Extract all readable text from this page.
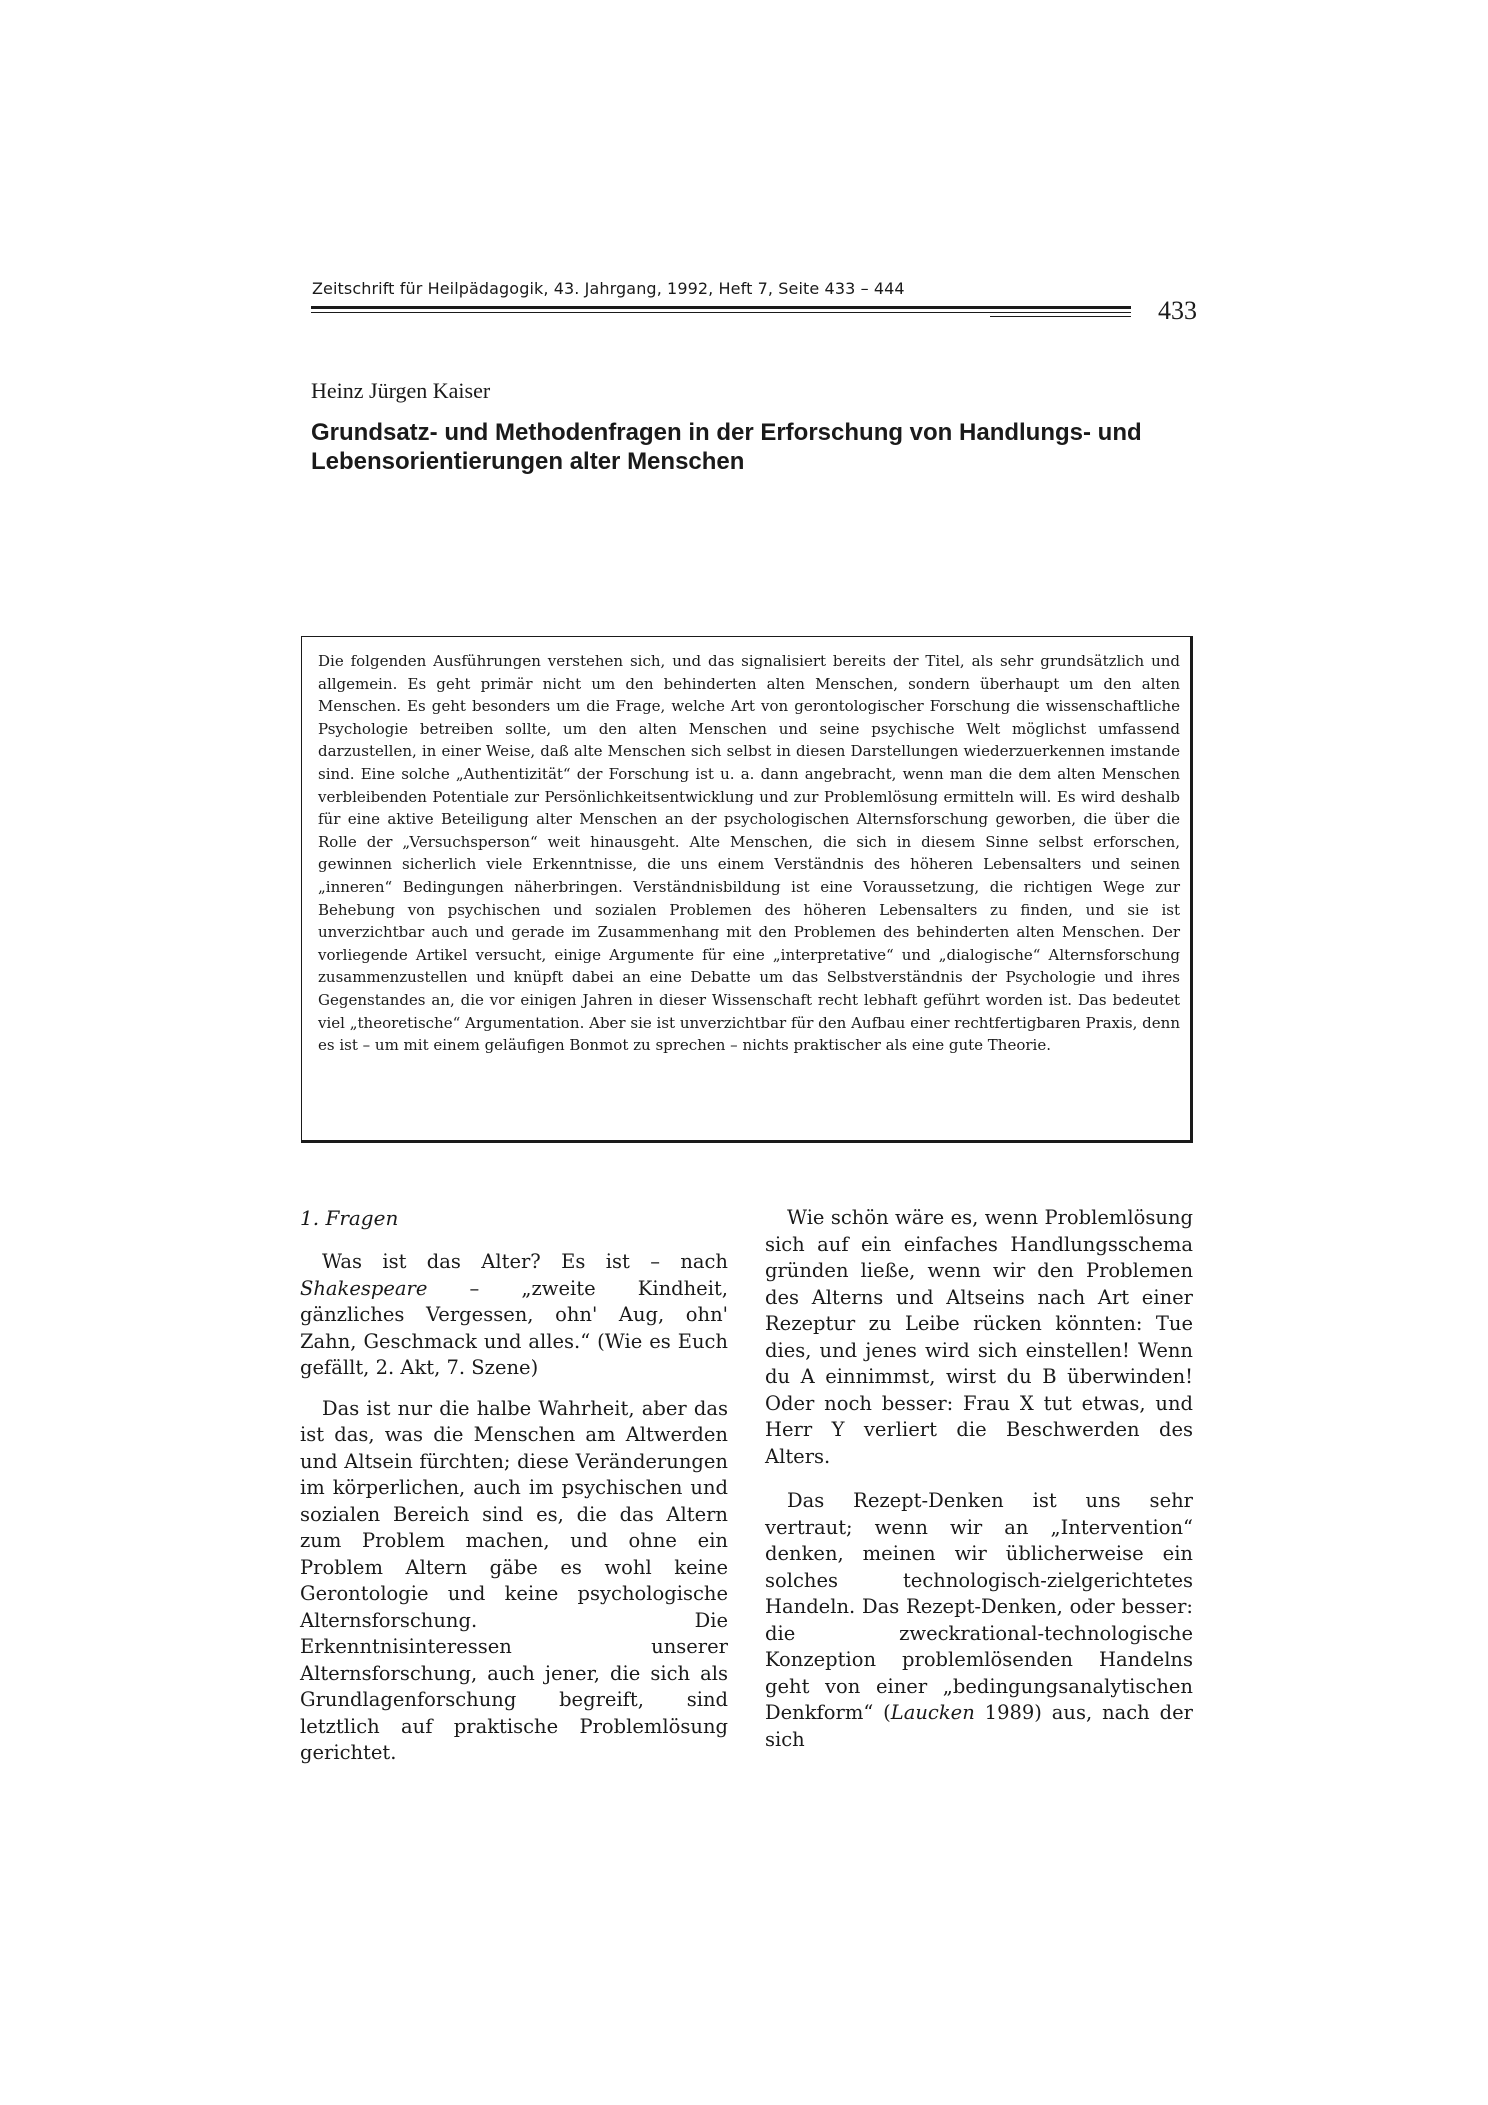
Zeitschrift für Heilpädagogik, 43. Jahrgang, 1992, Heft 7, Seite 433 – 444
433
Heinz Jürgen Kaiser
Grundsatz- und Methodenfragen in der Erforschung von Handlungs- und
Lebensorientierungen alter Menschen

Die folgenden Ausführungen verstehen sich, und das signalisiert bereits der Titel, als sehr grundsätzlich und allgemein. Es geht primär nicht um den behinderten alten Menschen, sondern überhaupt um den alten Menschen. Es geht besonders um die Frage, welche Art von gerontologischer Forschung die wissenschaftliche Psychologie betreiben sollte, um den alten Menschen und seine psychische Welt möglichst umfassend darzustellen, in einer Weise, daß alte Menschen sich selbst in diesen Darstellungen wiederzuerkennen imstande sind. Eine solche „Authentizität“ der Forschung ist u. a. dann angebracht, wenn man die dem alten Menschen verbleibenden Potentiale zur Persönlichkeitsentwicklung und zur Problemlösung ermitteln will. Es wird deshalb für eine aktive Beteiligung alter Menschen an der psychologischen Alternsforschung geworben, die über die Rolle der „Versuchsperson“ weit hinausgeht. Alte Menschen, die sich in diesem Sinne selbst erforschen, gewinnen sicherlich viele Erkenntnisse, die uns einem Verständnis des höheren Lebensalters und seinen „inneren“ Bedingungen näherbringen. Verständnisbildung ist eine Voraussetzung, die richtigen Wege zur Behebung von psychischen und sozialen Problemen des höheren Lebensalters zu finden, und sie ist unverzichtbar auch und gerade im Zusammenhang mit den Problemen des behinderten alten Menschen. Der vorliegende Artikel versucht, einige Argumente für eine „interpretative“ und „dialogische“ Alternsforschung zusammenzustellen und knüpft dabei an eine Debatte um das Selbstverständnis der Psychologie und ihres Gegenstandes an, die vor einigen Jahren in dieser Wissenschaft recht lebhaft geführt worden ist. Das bedeutet viel „theoretische“ Argumentation. Aber sie ist unverzichtbar für den Aufbau einer rechtfertigbaren Praxis, denn es ist – um mit einem geläufigen Bonmot zu sprechen – nichts praktischer als eine gute Theorie.

1. Fragen

Was ist das Alter? Es ist – nach Shakespeare – „zweite Kindheit, gänzliches Vergessen, ohn' Aug, ohn' Zahn, Geschmack und alles.“ (Wie es Euch gefällt, 2. Akt, 7. Szene)

Das ist nur die halbe Wahrheit, aber das ist das, was die Menschen am Altwerden und Altsein fürchten; diese Veränderungen im körperlichen, auch im psychischen und sozialen Bereich sind es, die das Altern zum Problem machen, und ohne ein Problem Altern gäbe es wohl keine Gerontologie und keine psychologische Alternsforschung. Die Erkenntnisinteressen unserer Alternsforschung, auch jener, die sich als Grundlagenforschung begreift, sind letztlich auf praktische Problemlösung gerichtet.

Wie schön wäre es, wenn Problemlösung sich auf ein einfaches Handlungsschema gründen ließe, wenn wir den Problemen des Alterns und Altseins nach Art einer Rezeptur zu Leibe rücken könnten: Tue dies, und jenes wird sich einstellen! Wenn du A einnimmst, wirst du B überwinden! Oder noch besser: Frau X tut etwas, und Herr Y verliert die Beschwerden des Alters.

Das Rezept-Denken ist uns sehr vertraut; wenn wir an „Intervention“ denken, meinen wir üblicherweise ein solches technologisch-zielgerichtetes Handeln. Das Rezept-Denken, oder besser: die zweckrational-technologische Konzeption problemlösenden Handelns geht von einer „bedingungsanalytischen Denkform“ (Laucken 1989) aus, nach der sich
